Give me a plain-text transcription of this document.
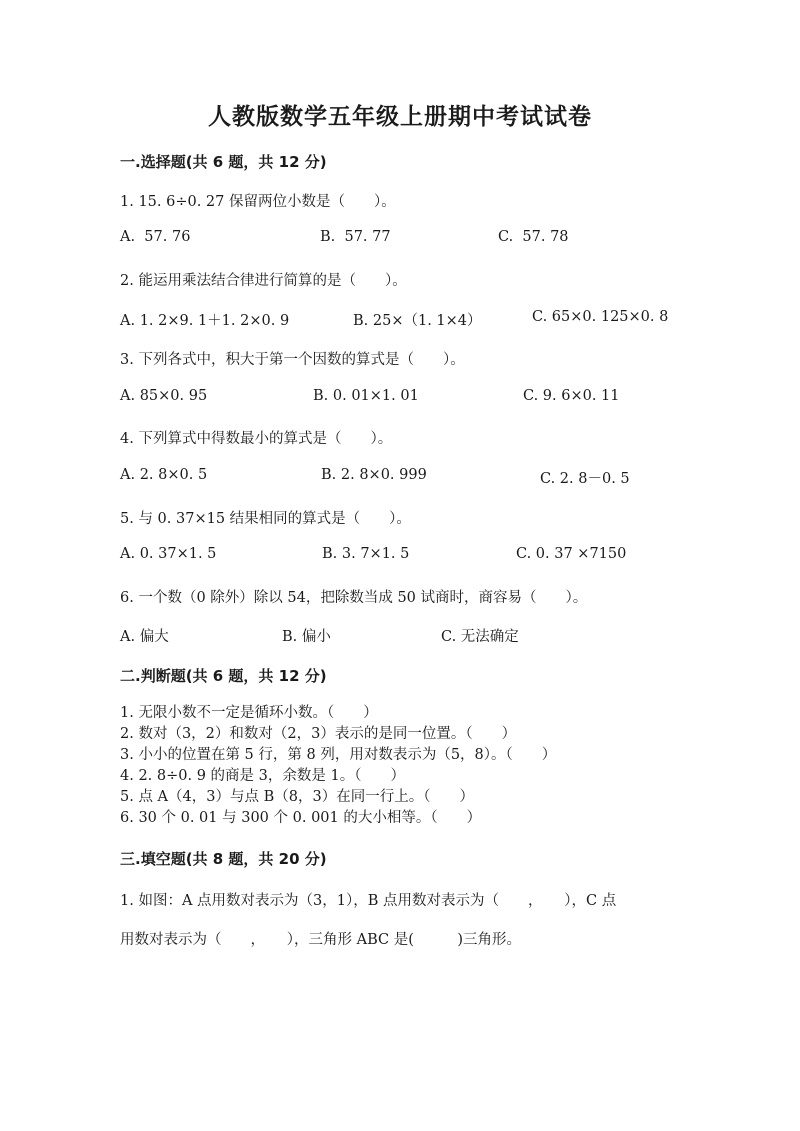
人教版数学五年级上册期中考试试卷
一.选择题(共 6 题，共 12 分)
1. 15. 6÷0. 27 保留两位小数是（　　）。
A.  57. 76	B.  57. 77	C.  57. 78
2. 能运用乘法结合律进行简算的是（　　）。
A. 1. 2×9. 1＋1. 2×0. 9	B. 25×（1. 1×4）	C. 65×0. 125×0. 8
3. 下列各式中，积大于第一个因数的算式是（　　）。
A. 85×0. 95	B. 0. 01×1. 01	C. 9. 6×0. 11
4. 下列算式中得数最小的算式是（　　）。
A. 2. 8×0. 5	B. 2. 8×0. 999	C. 2. 8－0. 5
5. 与 0. 37×15 结果相同的算式是（　　）。
A. 0. 37×1. 5	B. 3. 7×1. 5	C. 0. 37 ×7150
6. 一个数（0 除外）除以 54，把除数当成 50 试商时，商容易（　　）。
A. 偏大	B. 偏小	C. 无法确定
二.判断题(共 6 题，共 12 分)
1. 无限小数不一定是循环小数。（　　）
2. 数对（3，2）和数对（2，3）表示的是同一位置。（　　）
3. 小小的位置在第 5 行，第 8 列，用对数表示为（5，8）。（　　）
4. 2. 8÷0. 9 的商是 3，余数是 1。（　　）
5. 点 A（4，3）与点 B（8，3）在同一行上。（　　）
6. 30 个 0. 01 与 300 个 0. 001 的大小相等。（　　）
三.填空题(共 8 题，共 20 分)
1. 如图：A 点用数对表示为（3，1），B 点用数对表示为（　　，　　），C 点
用数对表示为（　　，　　），三角形 ABC 是(　　　)三角形。
